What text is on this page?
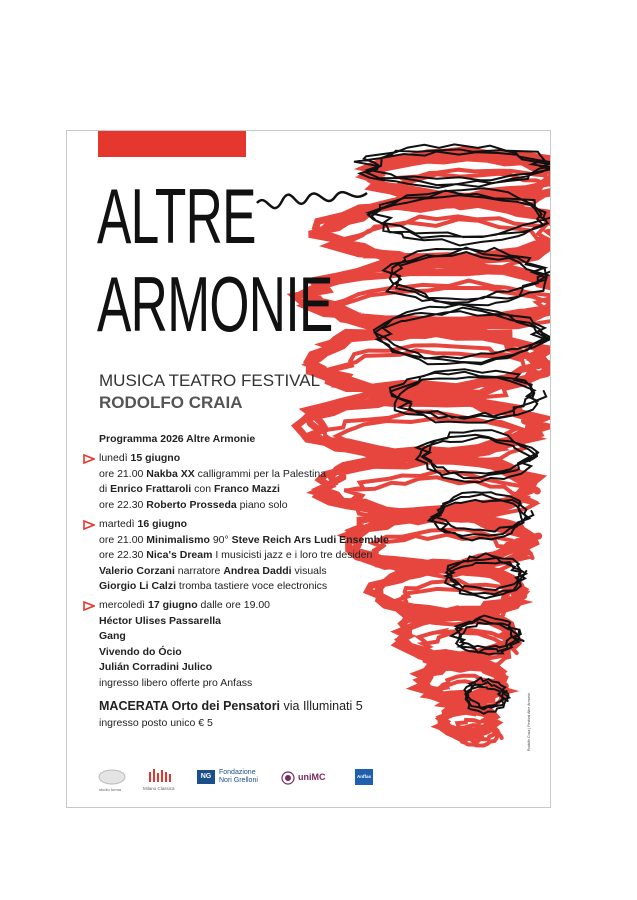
ALTRE
ARMONIE
MUSICA TEATRO FESTIVAL
RODOLFO CRAIA
Programma 2026 Altre Armonie
lunedì 15 giugno
ore 21.00 Nakba XX calligrammi per la Palestina
di Enrico Frattaroli con Franco Mazzi
ore 22.30 Roberto Prosseda piano solo
martedì 16 giugno
ore 21.00 Minimalismo 90° Steve Reich Ars Ludi Ensemble
ore 22.30 Nica's Dream I musicisti jazz e i loro tre desideri
Valerio Corzani narratore Andrea Daddi visuals
Giorgio Li Calzi tromba tastiere voce electronics
mercoledì 17 giugno dalle ore 19.00
Héctor Ulises Passarella
Gang
Vivendo do Ócio
Julián Corradini Julico
ingresso libero offerte pro Anfass
MACERATA Orto dei Pensatori via Illuminati 5
ingresso posto unico € 5
studio forma	Milano Classica
NG
Fondazione
Nori Grelloni	uniMC	Anffas
Rodolfo Craia | Festival Altre Armonie
